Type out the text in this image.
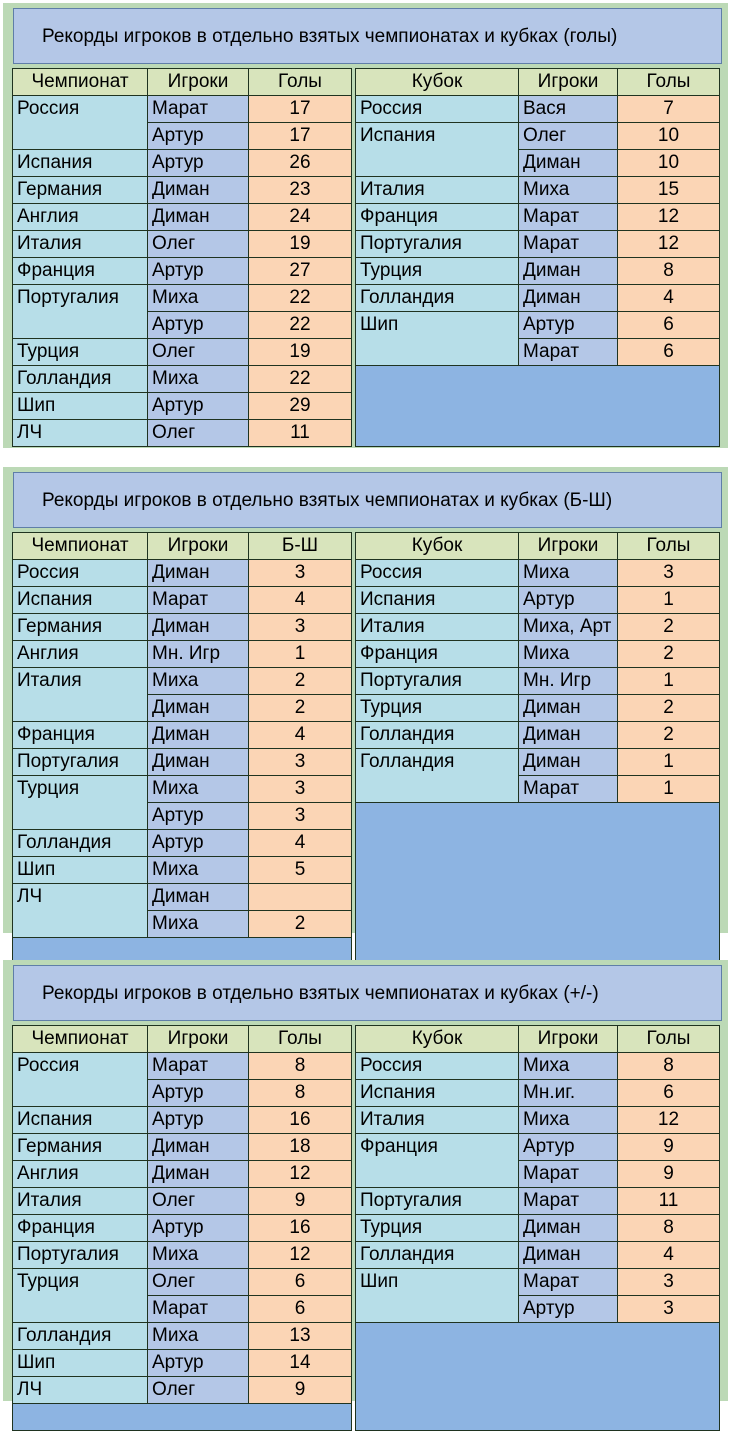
Рекорды игроков в отдельно взятых чемпионатах и кубках (голы)
Чемпионат	Игроки	Голы
Россия	Марат	17
	Артур	17
Испания	Артур	26
Германия	Диман	23
Англия	Диман	24
Италия	Олег	19
Франция	Артур	27
Португалия	Миха	22
	Артур	22
Турция	Олег	19
Голландия	Миха	22
Шип	Артур	29
ЛЧ	Олег	11
Кубок	Игроки	Голы
Россия	Вася	7
Испания	Олег	10
	Диман	10
Италия	Миха	15
Франция	Марат	12
Португалия	Марат	12
Турция	Диман	8
Голландия	Диман	4
Шип	Артур	6
	Марат	6

Рекорды игроков в отдельно взятых чемпионатах и кубках (Б-Ш)
Чемпионат	Игроки	Б-Ш
Россия	Диман	3
Испания	Марат	4
Германия	Диман	3
Англия	Мн. Игр	1
Италия	Миха	2
	Диман	2
Франция	Диман	4
Португалия	Диман	3
Турция	Миха	3
	Артур	3
Голландия	Артур	4
Шип	Миха	5
ЛЧ	Диман	
	Миха	2

Кубок	Игроки	Голы
Россия	Миха	3
Испания	Артур	1
Италия	Миха, Арт	2
Франция	Миха	2
Португалия	Мн. Игр	1
Турция	Диман	2
Голландия	Диман	2
Голландия	Диман	1
	Марат	1

Рекорды игроков в отдельно взятых чемпионатах и кубках (+/-)
Чемпионат	Игроки	Голы
Россия	Марат	8
	Артур	8
Испания	Артур	16
Германия	Диман	18
Англия	Диман	12
Италия	Олег	9
Франция	Артур	16
Португалия	Миха	12
Турция	Олег	6
	Марат	6
Голландия	Миха	13
Шип	Артур	14
ЛЧ	Олег	9

Кубок	Игроки	Голы
Россия	Миха	8
Испания	Мн.иг.	6
Италия	Миха	12
Франция	Артур	9
	Марат	9
Португалия	Марат	11
Турция	Диман	8
Голландия	Диман	4
Шип	Марат	3
	Артур	3
